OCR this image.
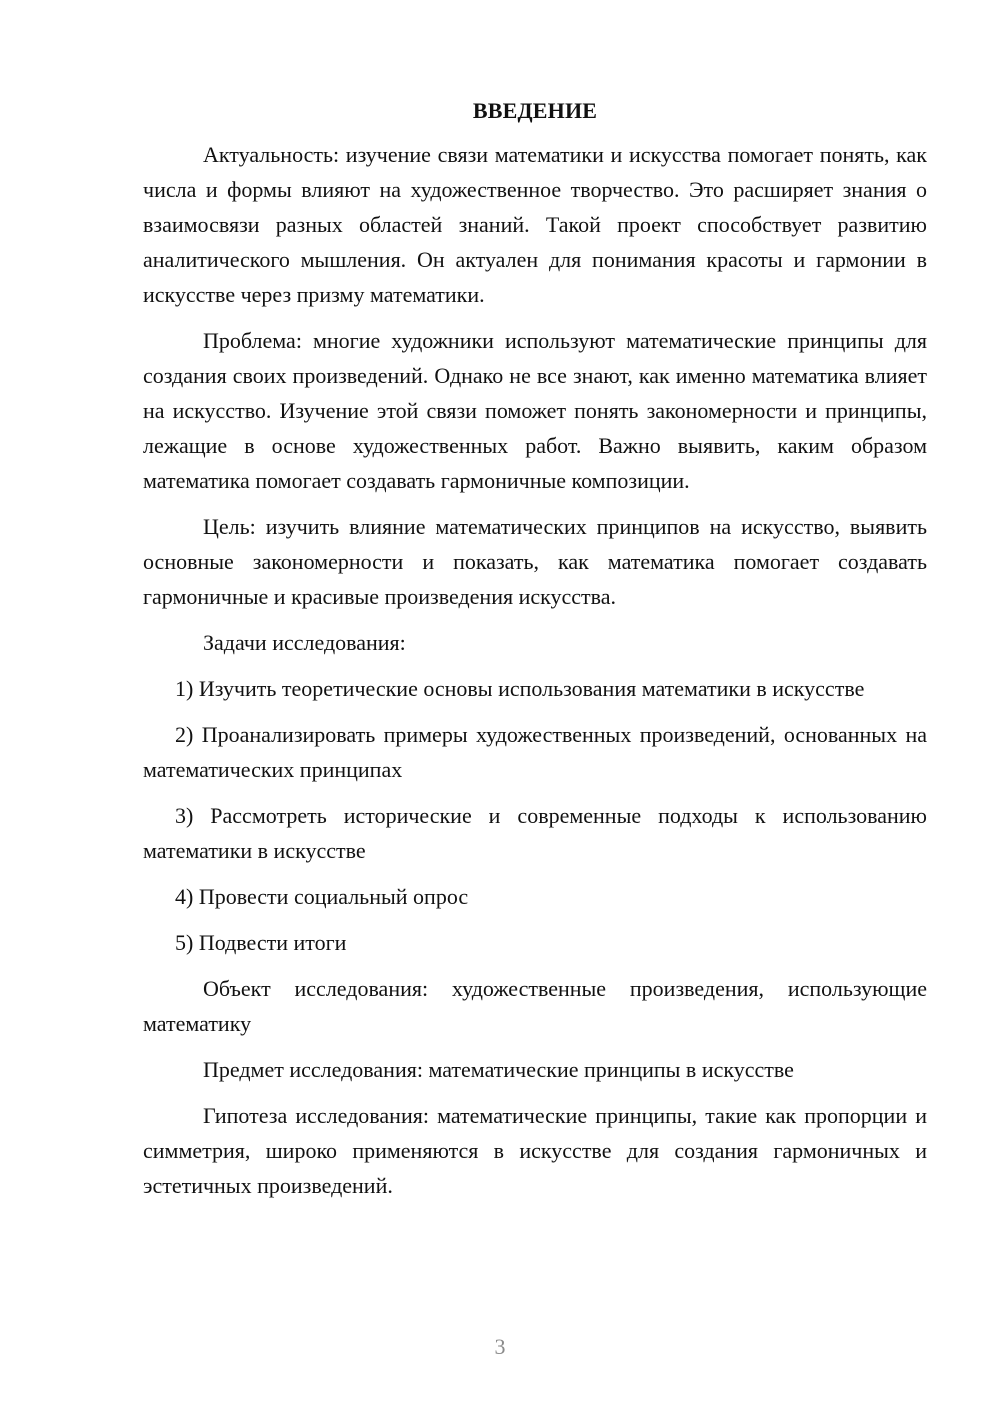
ВВЕДЕНИЕ

Актуальность: изучение связи математики и искусства помогает понять, как числа и формы влияют на художественное творчество. Это расширяет знания о взаимосвязи разных областей знаний. Такой проект способствует развитию аналитического мышления. Он актуален для понимания красоты и гармонии в искусстве через призму математики.

Проблема: многие художники используют математические принципы для создания своих произведений. Однако не все знают, как именно математика влияет на искусство. Изучение этой связи поможет понять закономерности и принципы, лежащие в основе художественных работ. Важно выявить, каким образом математика помогает создавать гармоничные композиции.

Цель: изучить влияние математических принципов на искусство, выявить основные закономерности и показать, как математика помогает создавать гармоничные и красивые произведения искусства.

Задачи исследования:

1) Изучить теоретические основы использования математики в искусстве

2) Проанализировать примеры художественных произведений, основанных на математических принципах

3) Рассмотреть исторические и современные подходы к использованию математики в искусстве

4) Провести социальный опрос

5) Подвести итоги

Объект исследования: художественные произведения, использующие математику

Предмет исследования: математические принципы в искусстве

Гипотеза исследования: математические принципы, такие как пропорции и симметрия, широко применяются в искусстве для создания гармоничных и эстетичных произведений.

3
